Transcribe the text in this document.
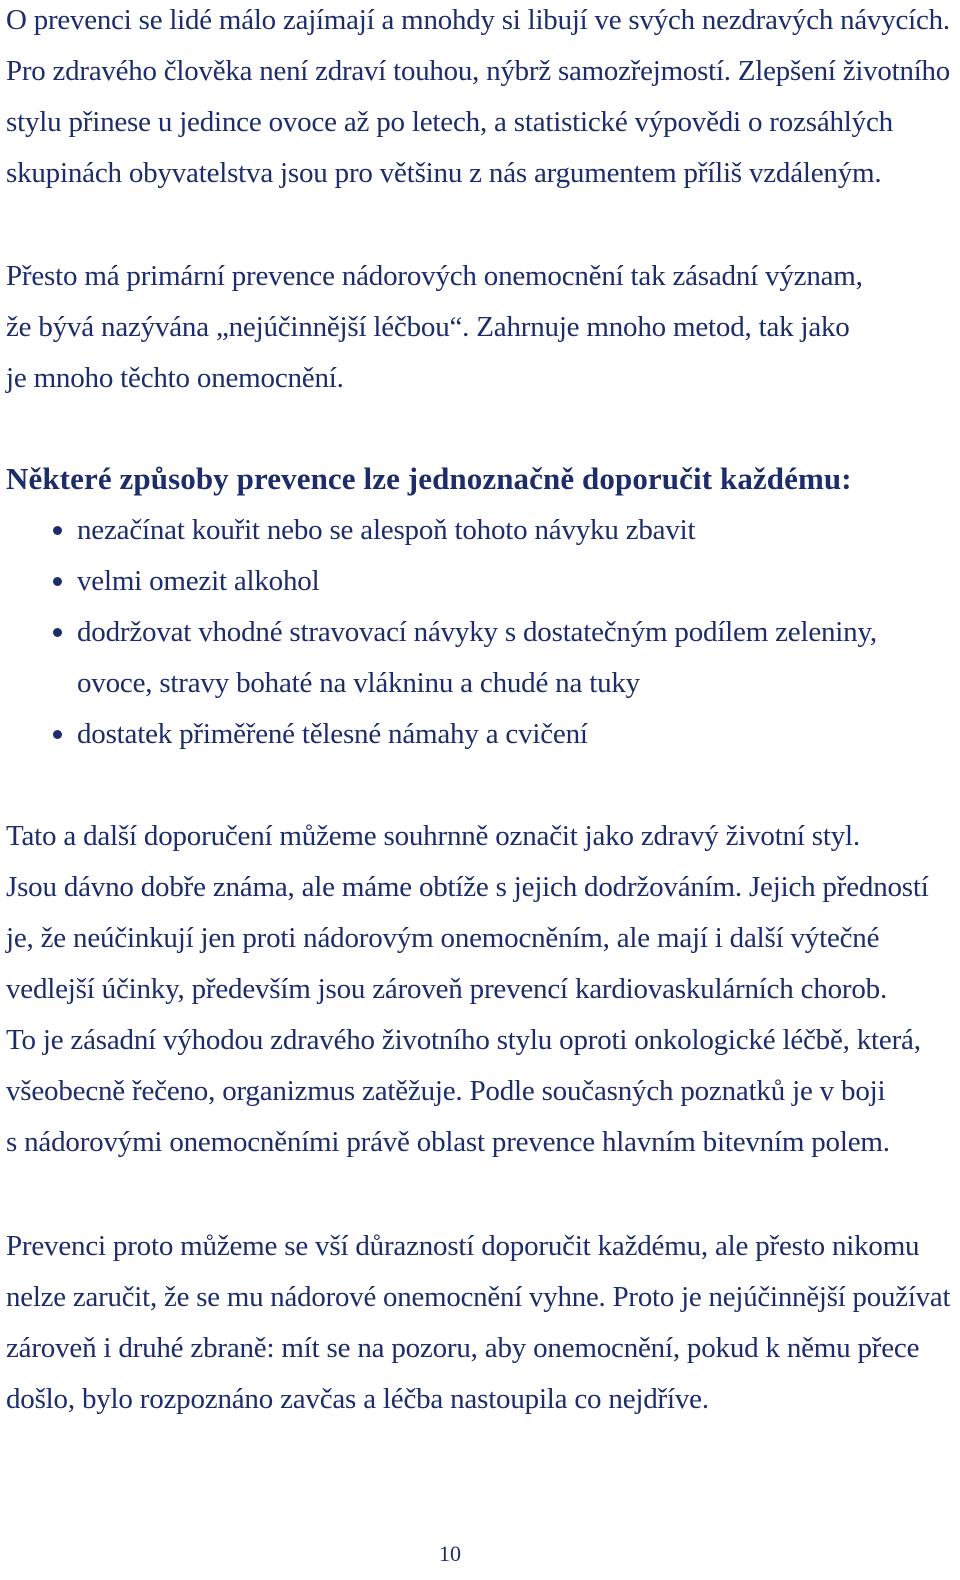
O prevenci se lidé málo zajímají a mnohdy si libují ve svých nezdravých návycích.
Pro zdravého člověka není zdraví touhou, nýbrž samozřejmostí. Zlepšení životního
stylu přinese u jedince ovoce až po letech, a statistické výpovědi o rozsáhlých
skupinách obyvatelstva jsou pro většinu z nás argumentem příliš vzdáleným.
Přesto má primární prevence nádorových onemocnění tak zásadní význam,
že bývá nazývána „nejúčinnější léčbou“. Zahrnuje mnoho metod, tak jako
je mnoho těchto onemocnění.
Některé způsoby prevence lze jednoznačně doporučit každému:
nezačínat kouřit nebo se alespoň tohoto návyku zbavit
velmi omezit alkohol
dodržovat vhodné stravovací návyky s dostatečným podílem zeleniny,
ovoce, stravy bohaté na vlákninu a chudé na tuky
dostatek přiměřené tělesné námahy a cvičení
Tato a další doporučení můžeme souhrnně označit jako zdravý životní styl.
Jsou dávno dobře známa, ale máme obtíže s jejich dodržováním. Jejich předností
je, že neúčinkují jen proti nádorovým onemocněním, ale mají i další výtečné
vedlejší účinky, především jsou zároveň prevencí kardiovaskulárních chorob.
To je zásadní výhodou zdravého životního stylu oproti onkologické léčbě, která,
všeobecně řečeno, organizmus zatěžuje. Podle současných poznatků je v boji
s nádorovými onemocněními právě oblast prevence hlavním bitevním polem.
Prevenci proto můžeme se vší důrazností doporučit každému, ale přesto nikomu
nelze zaručit, že se mu nádorové onemocnění vyhne. Proto je nejúčinnější používat
zároveň i druhé zbraně: mít se na pozoru, aby onemocnění, pokud k němu přece
došlo, bylo rozpoznáno zavčas a léčba nastoupila co nejdříve.
10
